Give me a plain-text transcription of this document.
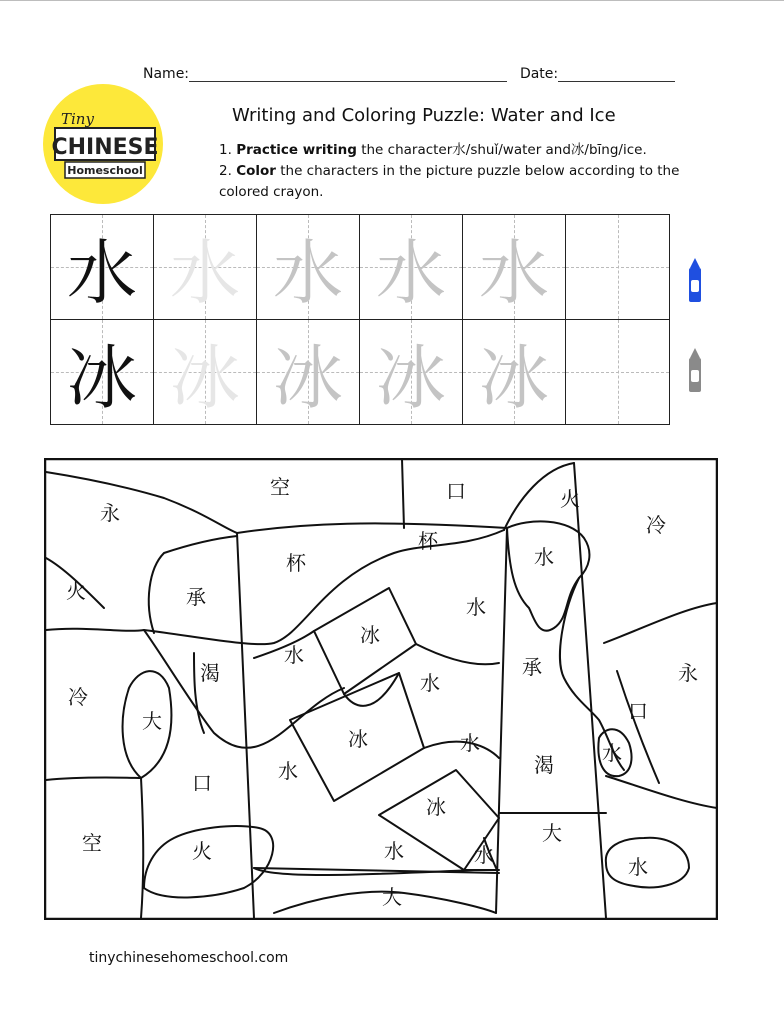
Name:	Date:
Tiny
CHINESE
Homeschool
Writing and Coloring Puzzle: Water and Ice
1. Practice writing the character水/shuǐ/water and冰/bīng/ice.
2. Color the characters in the picture puzzle below according to the colored crayon.
水 水 水 水 水
冰 冰 冰 冰 冰
空	口	火
永	冷
杯
杯
水
火	承	水
冰
水
渴	承	永
冷
水
大	口
冰	水	水
水	渴
口
冰
空	大
火	水	水	水
大
tinychinesehomeschool.com
